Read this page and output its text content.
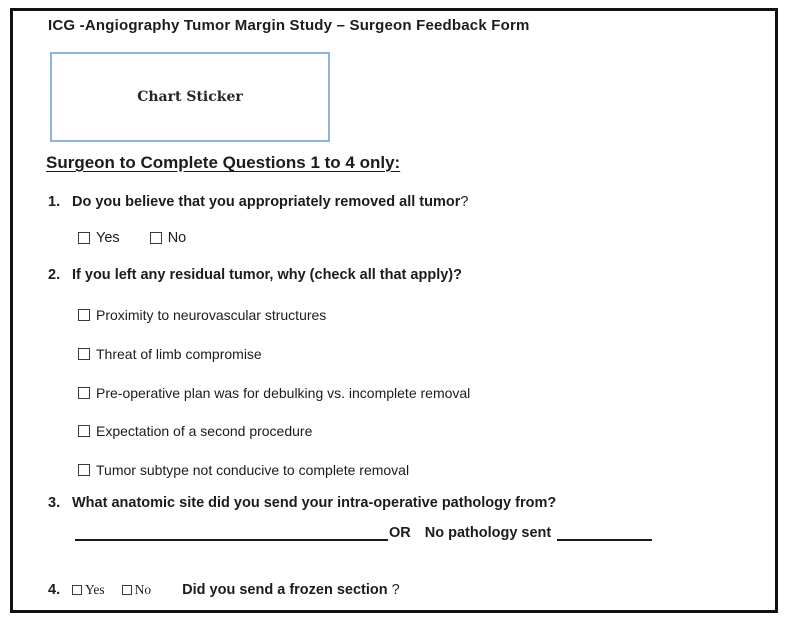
ICG -Angiography Tumor Margin Study – Surgeon Feedback Form
Chart Sticker
Surgeon to Complete Questions 1 to 4 only:
1. Do you believe that you appropriately removed all tumor?
Yes
	No
2. If you left any residual tumor, why (check all that apply)?
Proximity to neurovascular structures
Threat of limb compromise
Pre-operative plan was for debulking vs. incomplete removal
Expectation of a second procedure
Tumor subtype not conducive to complete removal
3. What anatomic site did you send your intra-operative pathology from?
OR No pathology sent
4.	Yes No Did you send a frozen section ?
